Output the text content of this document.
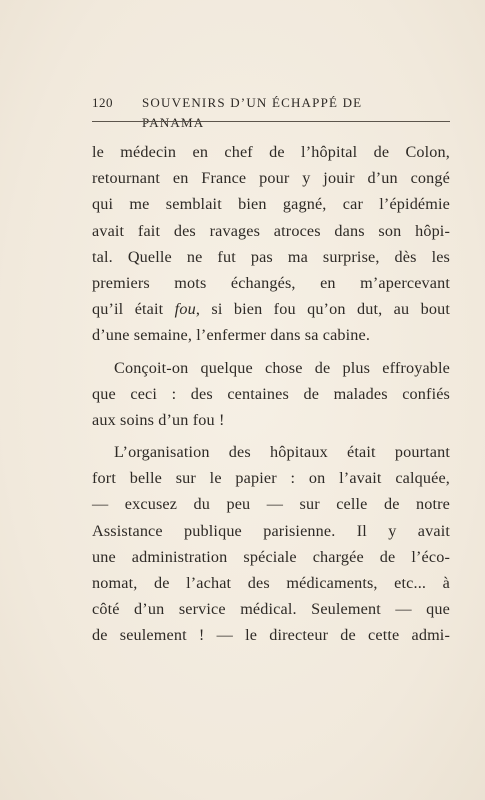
120 SOUVENIRS D’UN ÉCHAPPÉ DE PANAMA
le médecin en chef de l’hôpital de Colon,
retournant en France pour y jouir d’un congé
qui me semblait bien gagné, car l’épidémie
avait fait des ravages atroces dans son hôpi-
tal. Quelle ne fut pas ma surprise, dès les
premiers mots échangés, en m’apercevant
qu’il était fou, si bien fou qu’on dut, au bout
d’une semaine, l’enfermer dans sa cabine.
Conçoit-on quelque chose de plus effroyable
que ceci : des centaines de malades confiés
aux soins d’un fou !
L’organisation des hôpitaux était pourtant
fort belle sur le papier : on l’avait calquée,
— excusez du peu — sur celle de notre
Assistance publique parisienne. Il y avait
une administration spéciale chargée de l’éco-
nomat, de l’achat des médicaments, etc... à
côté d’un service médical. Seulement — que
de seulement ! — le directeur de cette admi-
